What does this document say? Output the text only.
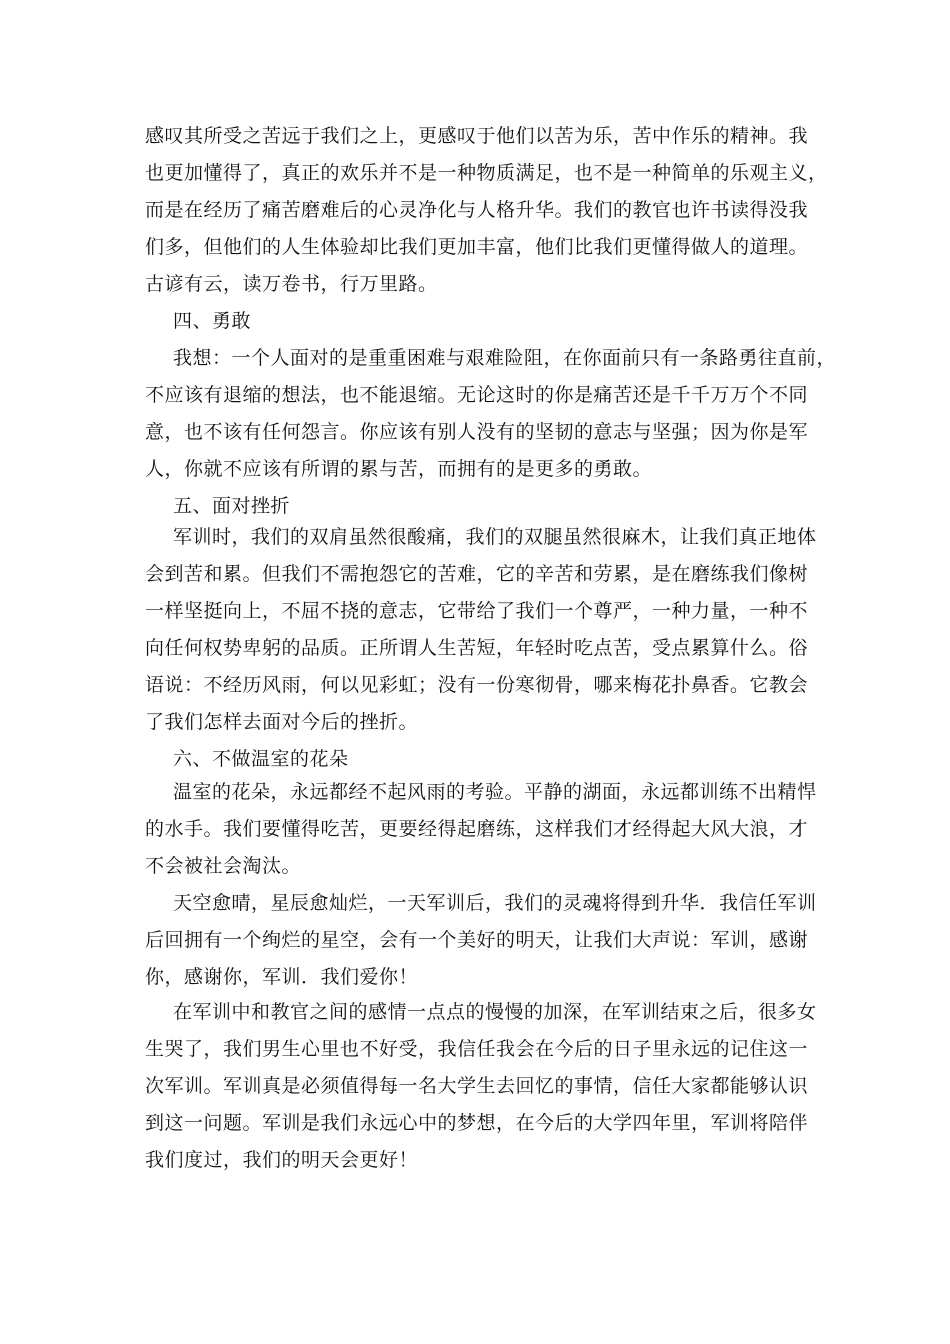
感叹其所受之苦远于我们之上，更感叹于他们以苦为乐，苦中作乐的精神。我
也更加懂得了，真正的欢乐并不是一种物质满足，也不是一种简单的乐观主义，
而是在经历了痛苦磨难后的心灵净化与人格升华。我们的教官也许书读得没我
们多，但他们的人生体验却比我们更加丰富，他们比我们更懂得做人的道理。
古谚有云，读万卷书，行万里路。
四、勇敢
我想：一个人面对的是重重困难与艰难险阻，在你面前只有一条路勇往直前，
不应该有退缩的想法，也不能退缩。无论这时的你是痛苦还是千千万万个不同
意，也不该有任何怨言。你应该有别人没有的坚韧的意志与坚强；因为你是军
人，你就不应该有所谓的累与苦，而拥有的是更多的勇敢。
五、面对挫折
军训时，我们的双肩虽然很酸痛，我们的双腿虽然很麻木，让我们真正地体
会到苦和累。但我们不需抱怨它的苦难，它的辛苦和劳累，是在磨练我们像树
一样坚挺向上，不屈不挠的意志，它带给了我们一个尊严，一种力量，一种不
向任何权势卑躬的品质。正所谓人生苦短，年轻时吃点苦，受点累算什么。俗
语说：不经历风雨，何以见彩虹；没有一份寒彻骨，哪来梅花扑鼻香。它教会
了我们怎样去面对今后的挫折。
六、不做温室的花朵
温室的花朵，永远都经不起风雨的考验。平静的湖面，永远都训练不出精悍
的水手。我们要懂得吃苦，更要经得起磨练，这样我们才经得起大风大浪，才
不会被社会淘汰。
天空愈晴，星辰愈灿烂，一天军训后，我们的灵魂将得到升华．我信任军训
后回拥有一个绚烂的星空，会有一个美好的明天，让我们大声说：军训，感谢
你，感谢你，军训．我们爱你！
在军训中和教官之间的感情一点点的慢慢的加深，在军训结束之后，很多女
生哭了，我们男生心里也不好受，我信任我会在今后的日子里永远的记住这一
次军训。军训真是必须值得每一名大学生去回忆的事情，信任大家都能够认识
到这一问题。军训是我们永远心中的梦想，在今后的大学四年里，军训将陪伴
我们度过，我们的明天会更好！
